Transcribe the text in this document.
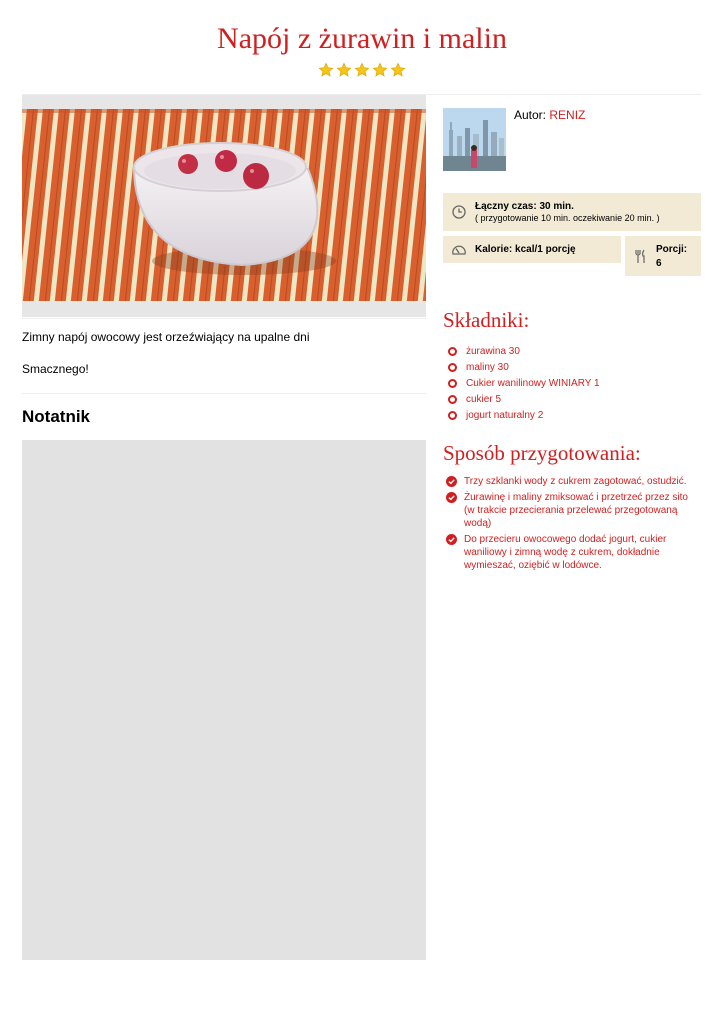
Napój z żurawin i malin
Zimny napój owocowy jest orzeźwiający na upalne dni
Smacznego!
Notatnik
Autor: RENIZ
Łączny czas: 30 min.
( przygotowanie 10 min. oczekiwanie 20 min. )
Kalorie: kcal/1 porcję	Porcji:
6
Składniki:
żurawina 30
maliny 30
Cukier wanilinowy WINIARY 1
cukier 5
jogurt naturalny 2
Sposób przygotowania:
Trzy szklanki wody z cukrem zagotować, ostudzić.
Żurawinę i maliny zmiksować i przetrzeć przez sito (w trakcie przecierania przelewać przegotowaną wodą)
Do przecieru owocowego dodać jogurt, cukier waniliowy i zimną wodę z cukrem, dokładnie wymieszać, oziębić w lodówce.
